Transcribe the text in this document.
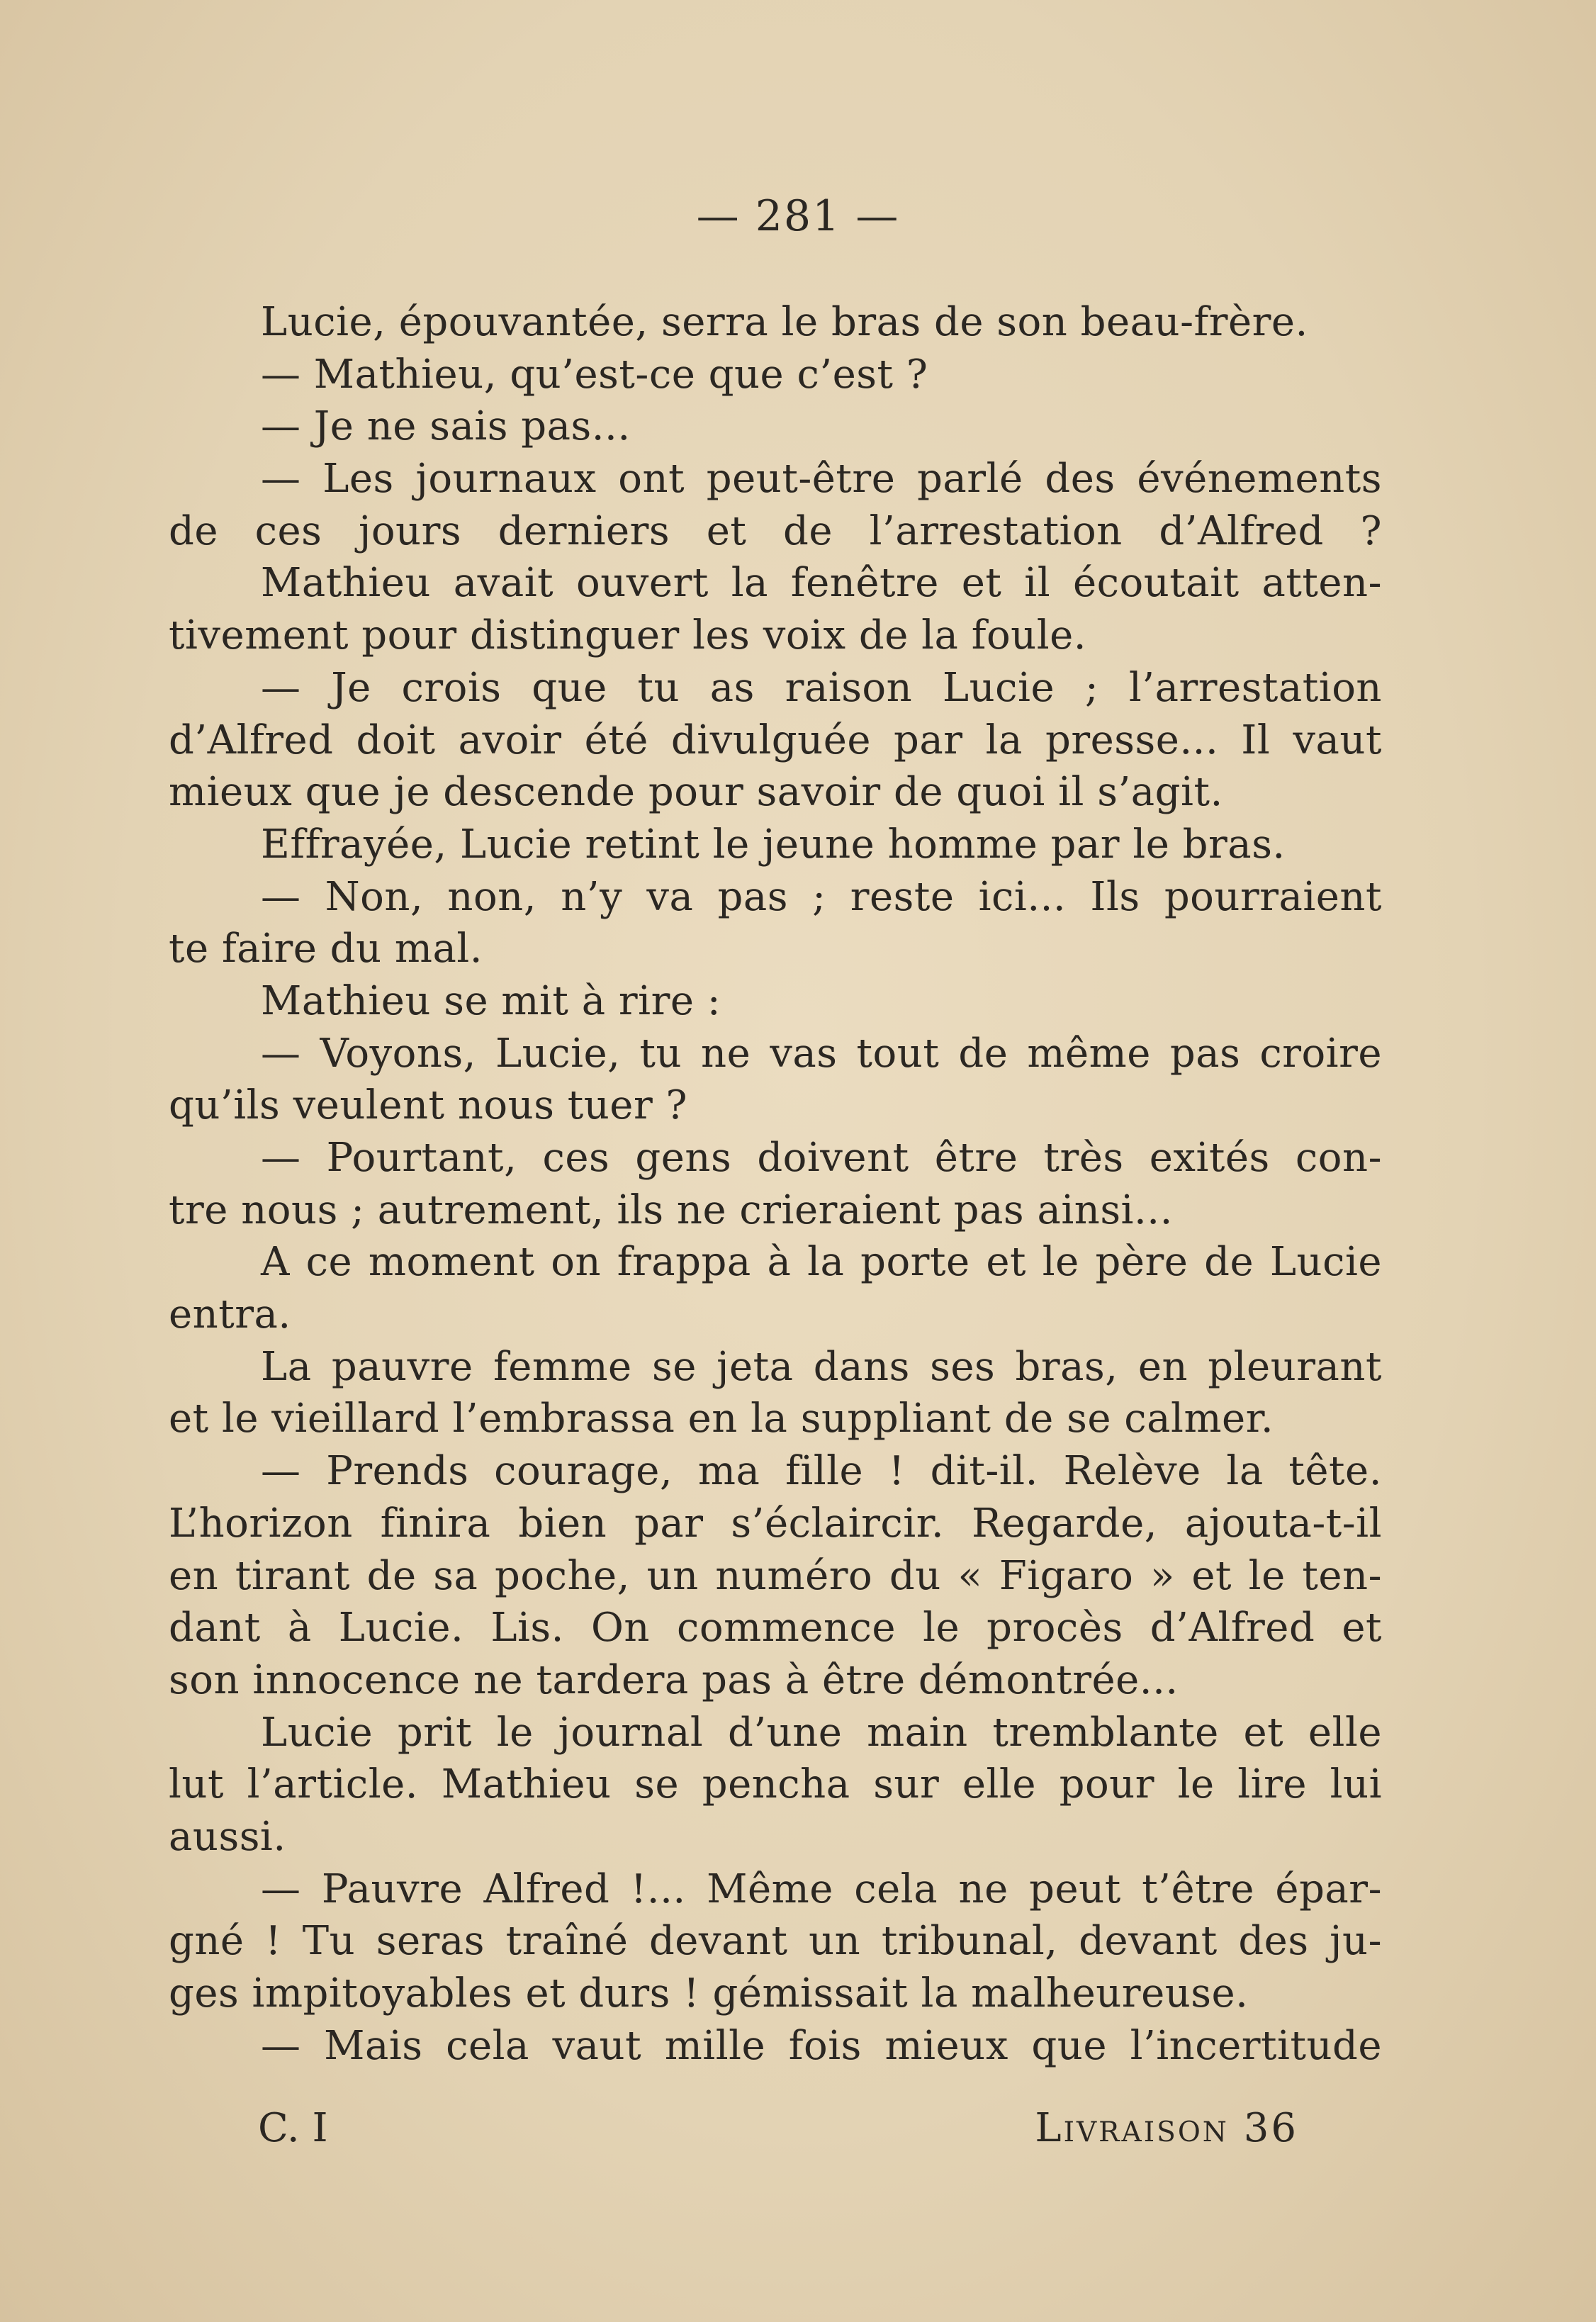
— 281 —
Lucie, épouvantée, serra le bras de son beau-frère.
— Mathieu, qu’est-ce que c’est ?
— Je ne sais pas...
— Les journaux ont peut-être parlé des événements
de ces jours derniers et de l’arrestation d’Alfred ?
Mathieu avait ouvert la fenêtre et il écoutait atten-
tivement pour distinguer les voix de la foule.
— Je crois que tu as raison Lucie ; l’arrestation
d’Alfred doit avoir été divulguée par la presse... Il vaut
mieux que je descende pour savoir de quoi il s’agit.
Effrayée, Lucie retint le jeune homme par le bras.
— Non, non, n’y va pas ; reste ici... Ils pourraient
te faire du mal.
Mathieu se mit à rire :
— Voyons, Lucie, tu ne vas tout de même pas croire
qu’ils veulent nous tuer ?
— Pourtant, ces gens doivent être très exités con-
tre nous ; autrement, ils ne crieraient pas ainsi...
A ce moment on frappa à la porte et le père de Lucie
entra.
La pauvre femme se jeta dans ses bras, en pleurant
et le vieillard l’embrassa en la suppliant de se calmer.
— Prends courage, ma fille ! dit-il. Relève la tête.
L’horizon finira bien par s’éclaircir. Regarde, ajouta-t-il
en tirant de sa poche, un numéro du « Figaro » et le ten-
dant à Lucie. Lis. On commence le procès d’Alfred et
son innocence ne tardera pas à être démontrée...
Lucie prit le journal d’une main tremblante et elle
lut l’article. Mathieu se pencha sur elle pour le lire lui
aussi.
— Pauvre Alfred !... Même cela ne peut t’être épar-
gné ! Tu seras traîné devant un tribunal, devant des ju-
ges impitoyables et durs ! gémissait la malheureuse.
— Mais cela vaut mille fois mieux que l’incertitude
C. I	Livraison 36
